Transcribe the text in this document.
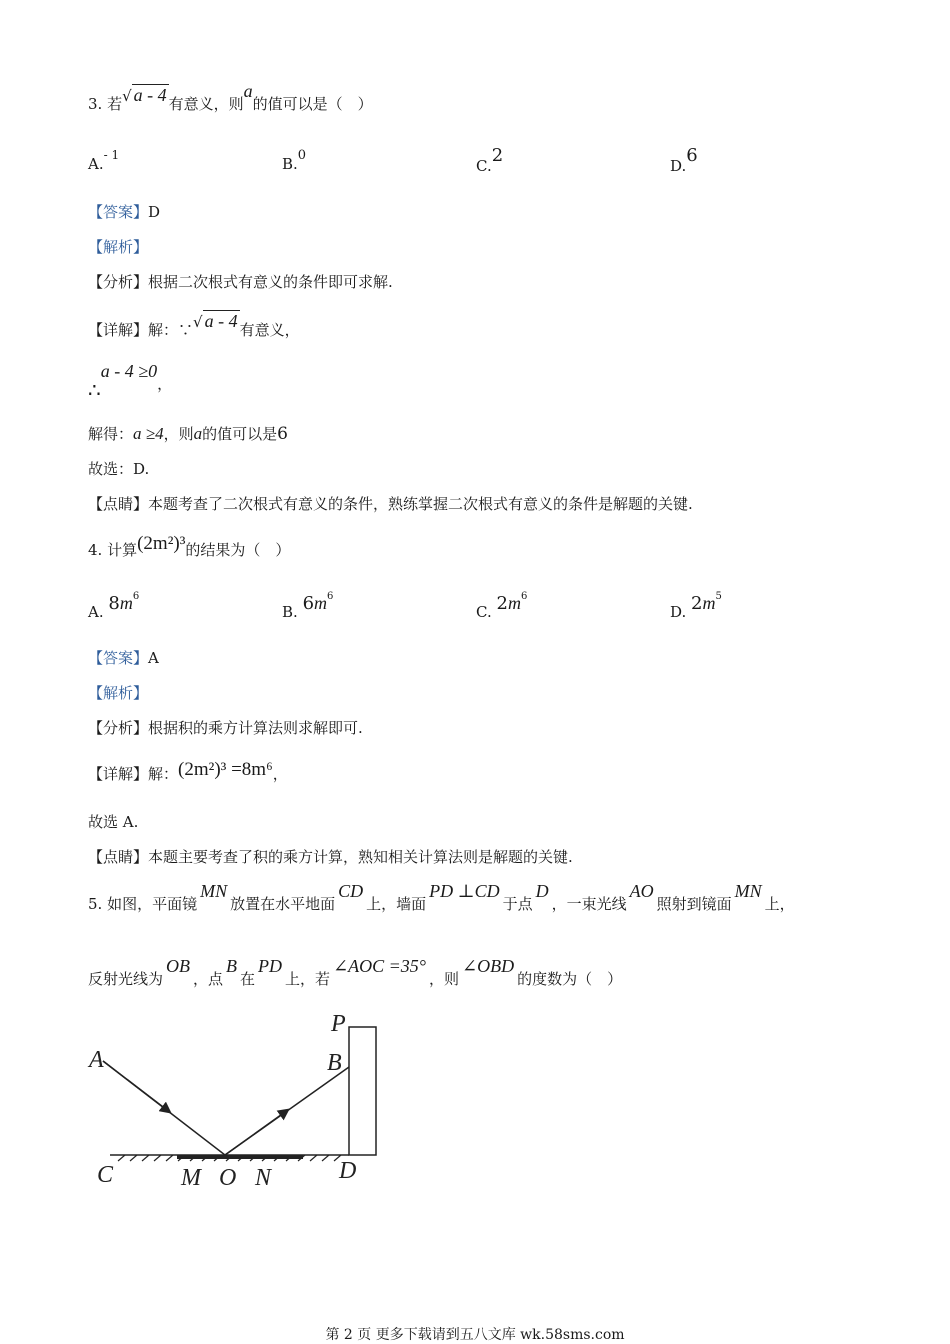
3. 若√ a - 4 有意义，则a的值可以是（　）
A.$^{- 1}$	B.0
C.2	D.6
【答案】D
【解析】
【分析】根据二次根式有意义的条件即可求解.
【详解】解：∵√ a - 4 有意义，
∴a - 4 ≥0，
解得：a ≥4，则a的值可以是6
故选：D.
【点睛】本题考查了二次根式有意义的条件，熟练掌握二次根式有意义的条件是解题的关键.
4. 计算(2m²)³的结果为（　）
A. $8m^6$
B. $6m^6$
C. $2m^6$
D. $2m^5$
【答案】A
【解析】
【分析】根据积的乘方计算法则求解即可.
【详解】解：(2m²)³ =8m⁶，
故选 A.
【点睛】本题主要考查了积的乘方计算，熟知相关计算法则是解题的关键.
5. 如图，平面镜MN放置在水平地面CD上，墙面PD ⊥CD于点D，一束光线AO照射到镜面MN上，
反射光线为OB，点B在PD上，若∠AOC =35°，则∠OBD的度数为（　）
A	B
C	D
M O N
P
第 2 页 更多下载请到五八文库 wk.58sms.com
